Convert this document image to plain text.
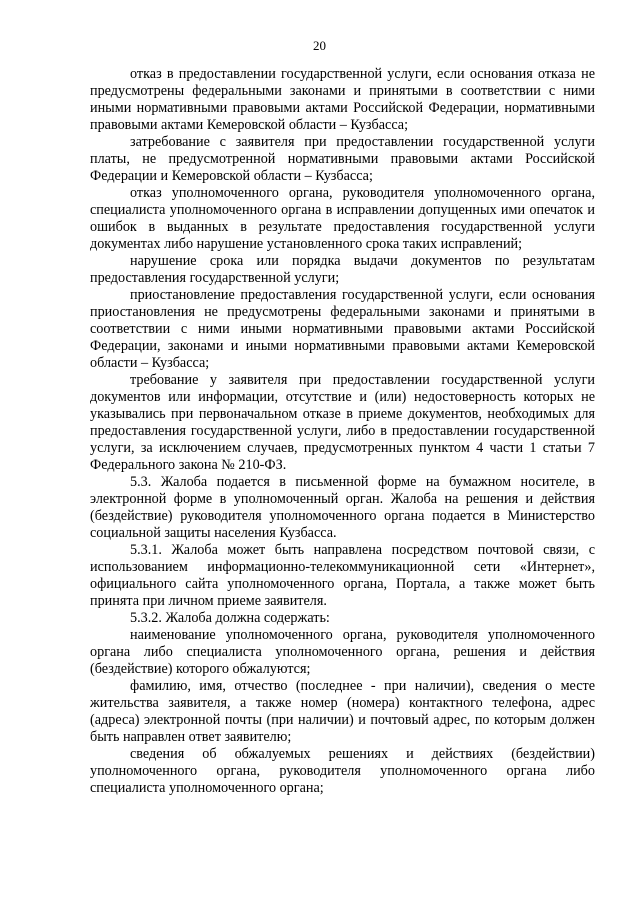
20

отказ в предоставлении государственной услуги, если основания отказа не предусмотрены федеральными законами и принятыми в соответствии с ними иными нормативными правовыми актами Российской Федерации, нормативными правовыми актами Кемеровской области – Кузбасса;

затребование с заявителя при предоставлении государственной услуги платы, не предусмотренной нормативными правовыми актами Российской Федерации и Кемеровской области – Кузбасса;

отказ уполномоченного органа, руководителя уполномоченного органа, специалиста уполномоченного органа в исправлении допущенных ими опечаток и ошибок в выданных в результате предоставления государственной услуги документах либо нарушение установленного срока таких исправлений;

нарушение срока или порядка выдачи документов по результатам предоставления государственной услуги;

приостановление предоставления государственной услуги, если основания приостановления не предусмотрены федеральными законами и принятыми в соответствии с ними иными нормативными правовыми актами Российской Федерации, законами и иными нормативными правовыми актами Кемеровской области – Кузбасса;

требование у заявителя при предоставлении государственной услуги документов или информации, отсутствие и (или) недостоверность которых не указывались при первоначальном отказе в приеме документов, необходимых для предоставления государственной услуги, либо в предоставлении государственной услуги, за исключением случаев, предусмотренных пунктом 4 части 1 статьи 7 Федерального закона № 210-ФЗ.

5.3. Жалоба подается в письменной форме на бумажном носителе, в электронной форме в уполномоченный орган. Жалоба на решения и действия (бездействие) руководителя уполномоченного органа подается в Министерство социальной защиты населения Кузбасса.

5.3.1. Жалоба может быть направлена посредством почтовой связи, с использованием информационно-телекоммуникационной сети «Интернет», официального сайта уполномоченного органа, Портала, а также может быть принята при личном приеме заявителя.

5.3.2. Жалоба должна содержать:

наименование уполномоченного органа, руководителя уполномоченного органа либо специалиста уполномоченного органа, решения и действия (бездействие) которого обжалуются;

фамилию, имя, отчество (последнее - при наличии), сведения о месте жительства заявителя, а также номер (номера) контактного телефона, адрес (адреса) электронной почты (при наличии) и почтовый адрес, по которым должен быть направлен ответ заявителю;

сведения об обжалуемых решениях и действиях (бездействии) уполномоченного органа, руководителя уполномоченного органа либо специалиста уполномоченного органа;
